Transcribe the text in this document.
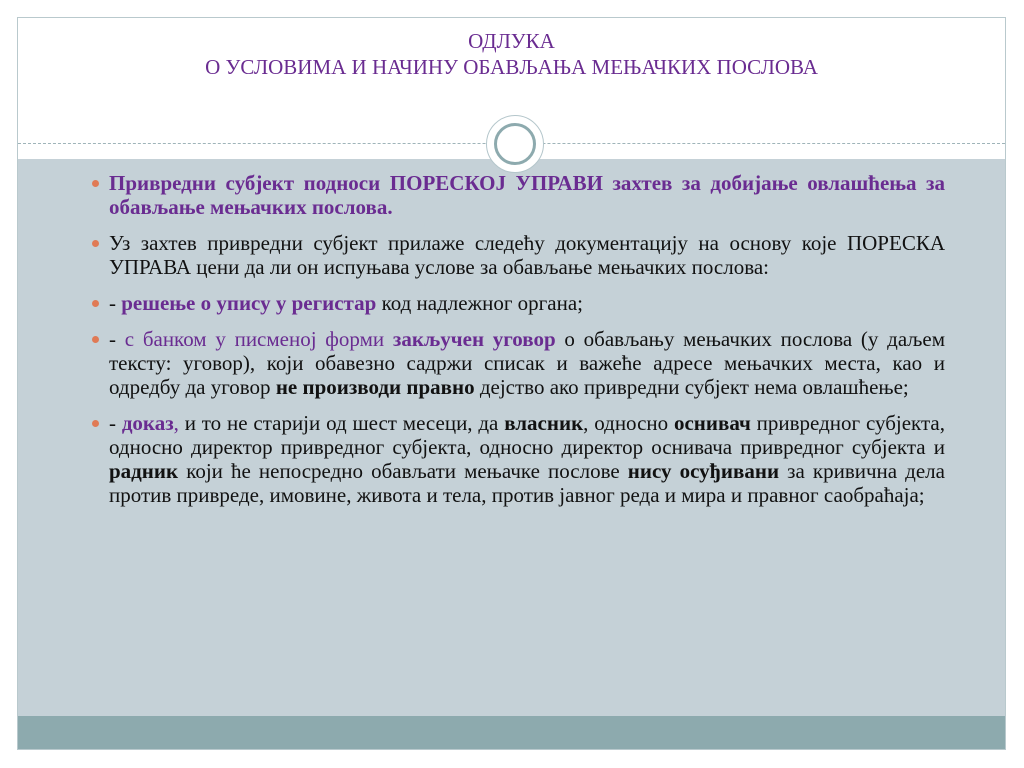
ОДЛУКА
О УСЛОВИМА И НАЧИНУ ОБАВЉАЊА МЕЊАЧКИХ ПОСЛОВА
Привредни субјект подноси ПОРЕСКОЈ УПРАВИ захтев за добијање овлашћења за обављање мењачких послова.
Уз захтев привредни субјект прилаже следећу документацију на основу које ПОРЕСКА УПРАВА цени да ли он испуњава услове за обављање мењачких послова:
- решење о упису у регистар код надлежног органа;
- с банком у писменој форми закључен уговор о обављању мењачких послова (у даљем тексту: уговор), који обавезно садржи списак и важеће адресе мењачких места, као и одредбу да уговор не производи правно дејство ако привредни субјект нема овлашћење;
- доказ, и то не старији од шест месеци, да власник, односно оснивач привредног субјекта, односно директор привредног субјекта, односно директор оснивача привредног субјекта и радник који ће непосредно обављати мењачке послове нису осуђивани за кривична дела против привреде, имовине, живота и тела, против јавног реда и мира и правног саобраћаја;
